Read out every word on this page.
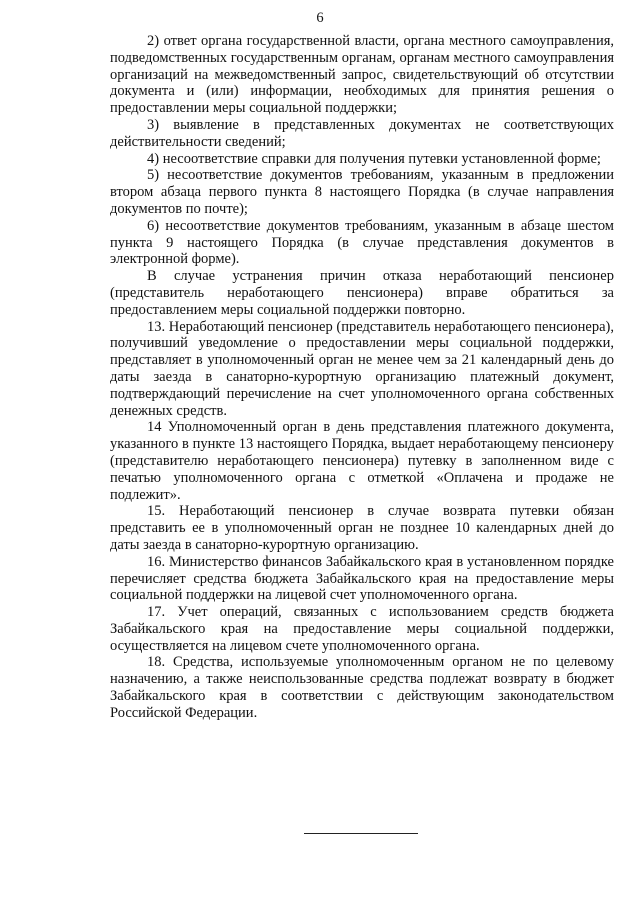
6

2) ответ органа государственной власти, органа местного самоуправления, подведомственных государственным органам, органам местного самоуправления организаций на межведомственный запрос, свидетельствующий об отсутствии документа и (или) информации, необходимых для принятия решения о предоставлении меры социальной поддержки;

3) выявление в представленных документах не соответствующих действительности сведений;

4) несоответствие справки для получения путевки установленной форме;

5) несоответствие документов требованиям, указанным в предложении втором абзаца первого пункта 8 настоящего Порядка (в случае направления документов по почте);

6) несоответствие документов требованиям, указанным в абзаце шестом пункта 9 настоящего Порядка (в случае представления документов в электронной форме).

В случае устранения причин отказа неработающий пенсионер (представитель неработающего пенсионера) вправе обратиться за предоставлением меры социальной поддержки повторно.

13. Неработающий пенсионер (представитель неработающего пенсионера), получивший уведомление о предоставлении меры социальной поддержки, представляет в уполномоченный орган не менее чем за 21 календарный день до даты заезда в санаторно-курортную организацию платежный документ, подтверждающий перечисление на счет уполномоченного органа собственных денежных средств.

14 Уполномоченный орган в день представления платежного документа, указанного в пункте 13 настоящего Порядка, выдает неработающему пенсионеру (представителю неработающего пенсионера) путевку в заполненном виде с печатью уполномоченного органа с отметкой «Оплачена и продаже не подлежит».

15. Неработающий пенсионер в случае возврата путевки обязан представить ее в уполномоченный орган не позднее 10 календарных дней до даты заезда в санаторно-курортную организацию.

16. Министерство финансов Забайкальского края в установленном порядке перечисляет средства бюджета Забайкальского края на предоставление меры социальной поддержки на лицевой счет уполномоченного органа.

17. Учет операций, связанных с использованием средств бюджета Забайкальского края на предоставление меры социальной поддержки, осуществляется на лицевом счете уполномоченного органа.

18. Средства, используемые уполномоченным органом не по целевому назначению, а также неиспользованные средства подлежат возврату в бюджет Забайкальского края в соответствии с действующим законодательством Российской Федерации.
